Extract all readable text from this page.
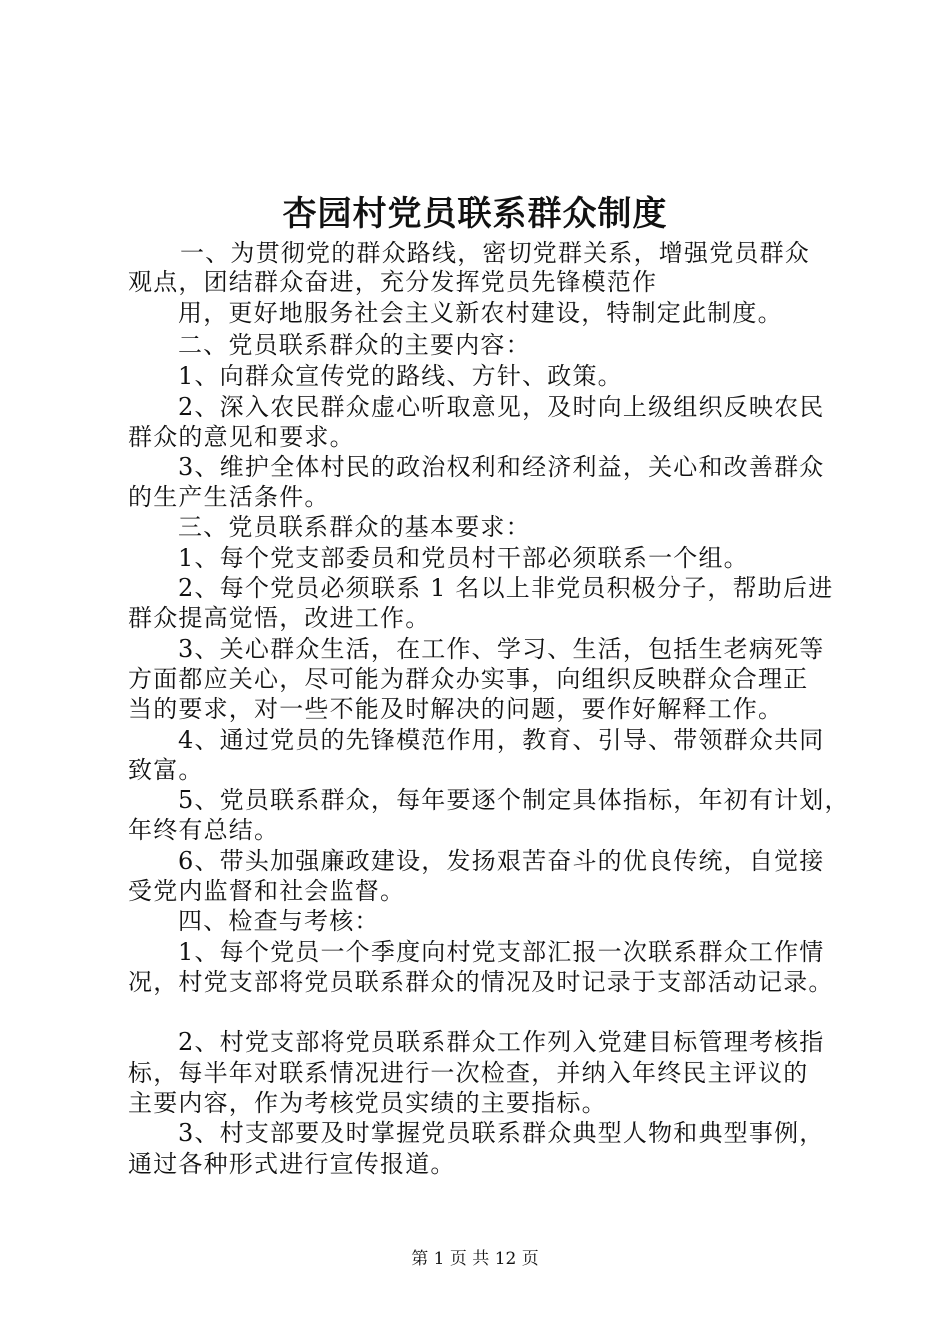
杏园村党员联系群众制度

一、为贯彻党的群众路线，密切党群关系，增强党员群众

观点，团结群众奋进，充分发挥党员先锋模范作

用，更好地服务社会主义新农村建设，特制定此制度。

二、党员联系群众的主要内容：

1、向群众宣传党的路线、方针、政策。

2、深入农民群众虚心听取意见，及时向上级组织反映农民

群众的意见和要求。

3、维护全体村民的政治权利和经济利益，关心和改善群众

的生产生活条件。

三、党员联系群众的基本要求：

1、每个党支部委员和党员村干部必须联系一个组。

2、每个党员必须联系 1 名以上非党员积极分子，帮助后进

群众提高觉悟，改进工作。

3、关心群众生活，在工作、学习、生活，包括生老病死等

方面都应关心，尽可能为群众办实事，向组织反映群众合理正

当的要求，对一些不能及时解决的问题，要作好解释工作。

4、通过党员的先锋模范作用，教育、引导、带领群众共同

致富。

5、党员联系群众，每年要逐个制定具体指标，年初有计划，

年终有总结。

6、带头加强廉政建设，发扬艰苦奋斗的优良传统，自觉接

受党内监督和社会监督。

四、检查与考核：

1、每个党员一个季度向村党支部汇报一次联系群众工作情

况，村党支部将党员联系群众的情况及时记录于支部活动记录。

2、村党支部将党员联系群众工作列入党建目标管理考核指

标，每半年对联系情况进行一次检查，并纳入年终民主评议的

主要内容，作为考核党员实绩的主要指标。

3、村支部要及时掌握党员联系群众典型人物和典型事例，

通过各种形式进行宣传报道。

第 1 页 共 12 页
